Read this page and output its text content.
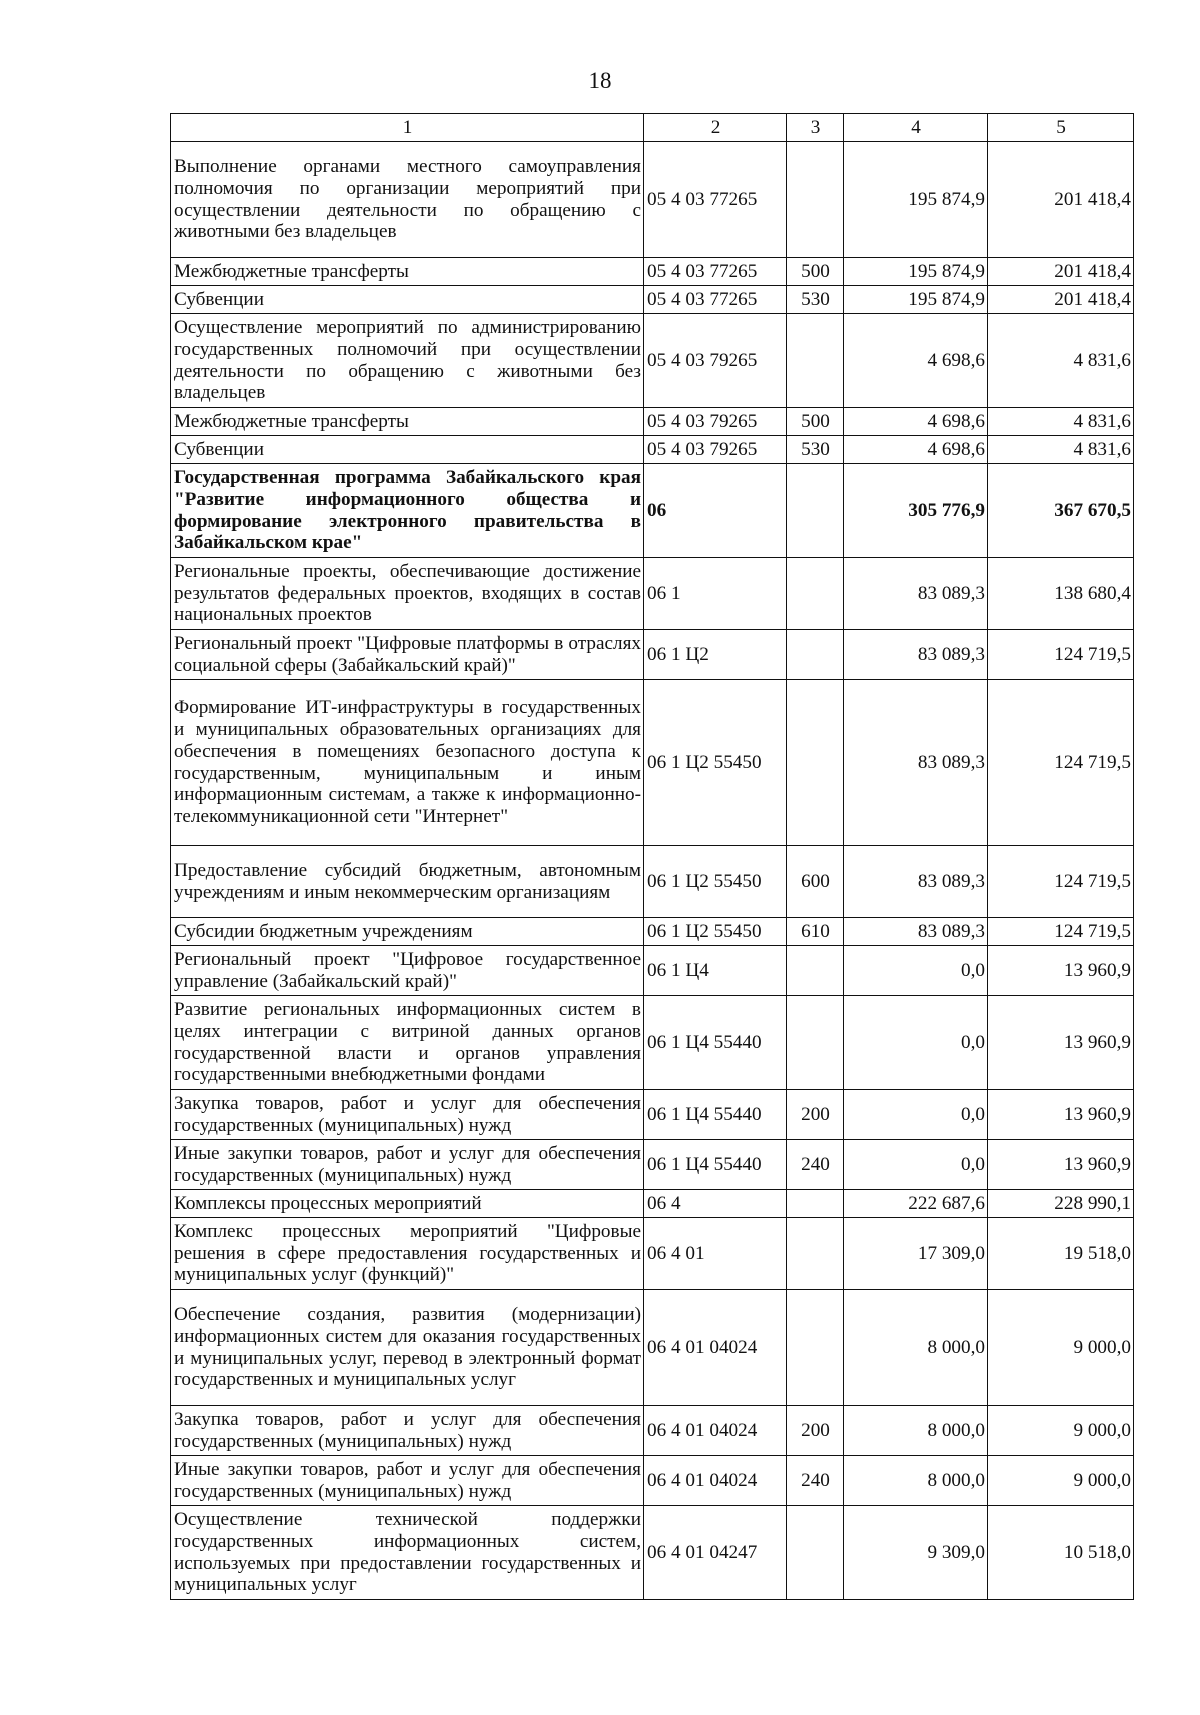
18
1	2	3	4	5
Выполнение органами местного самоуправления полномочия по организации мероприятий при осуществлении деятельности по обращению с животными без владельцев	05 4 03 77265		195 874,9	201 418,4
Межбюджетные трансферты	05 4 03 77265	500	195 874,9	201 418,4
Субвенции	05 4 03 77265	530	195 874,9	201 418,4
Осуществление мероприятий по администрированию государственных полномочий при осуществлении деятельности по обращению с животными без владельцев	05 4 03 79265		4 698,6	4 831,6
Межбюджетные трансферты	05 4 03 79265	500	4 698,6	4 831,6
Субвенции	05 4 03 79265	530	4 698,6	4 831,6
Государственная программа Забайкальского края "Развитие информационного общества и формирование электронного правительства в Забайкальском крае"	06		305 776,9	367 670,5
Региональные проекты, обеспечивающие достижение результатов федеральных проектов, входящих в состав национальных проектов	06 1		83 089,3	138 680,4
Региональный проект "Цифровые платформы в отраслях социальной сферы (Забайкальский край)"	06 1 Ц2		83 089,3	124 719,5
Формирование ИТ-инфраструктуры в государственных и муниципальных образовательных организациях для обеспечения в помещениях безопасного доступа к государственным, муниципальным и иным информационным системам, а также к информационно-телекоммуникационной сети "Интернет"	06 1 Ц2 55450		83 089,3	124 719,5
Предоставление субсидий бюджетным, автономным учреждениям и иным некоммерческим организациям	06 1 Ц2 55450	600	83 089,3	124 719,5
Субсидии бюджетным учреждениям	06 1 Ц2 55450	610	83 089,3	124 719,5
Региональный проект "Цифровое государственное управление (Забайкальский край)"	06 1 Ц4		0,0	13 960,9
Развитие региональных информационных систем в целях интеграции с витриной данных органов государственной власти и органов управления государственными внебюджетными фондами	06 1 Ц4 55440		0,0	13 960,9
Закупка товаров, работ и услуг для обеспечения государственных (муниципальных) нужд	06 1 Ц4 55440	200	0,0	13 960,9
Иные закупки товаров, работ и услуг для обеспечения государственных (муниципальных) нужд	06 1 Ц4 55440	240	0,0	13 960,9
Комплексы процессных мероприятий	06 4		222 687,6	228 990,1
Комплекс процессных мероприятий "Цифровые решения в сфере предоставления государственных и муниципальных услуг (функций)"	06 4 01		17 309,0	19 518,0
Обеспечение создания, развития (модернизации) информационных систем для оказания государственных и муниципальных услуг, перевод в электронный формат государственных и муниципальных услуг	06 4 01 04024		8 000,0	9 000,0
Закупка товаров, работ и услуг для обеспечения государственных (муниципальных) нужд	06 4 01 04024	200	8 000,0	9 000,0
Иные закупки товаров, работ и услуг для обеспечения государственных (муниципальных) нужд	06 4 01 04024	240	8 000,0	9 000,0
Осуществление технической поддержки государственных информационных систем, используемых при предоставлении государственных и муниципальных услуг	06 4 01 04247		9 309,0	10 518,0
